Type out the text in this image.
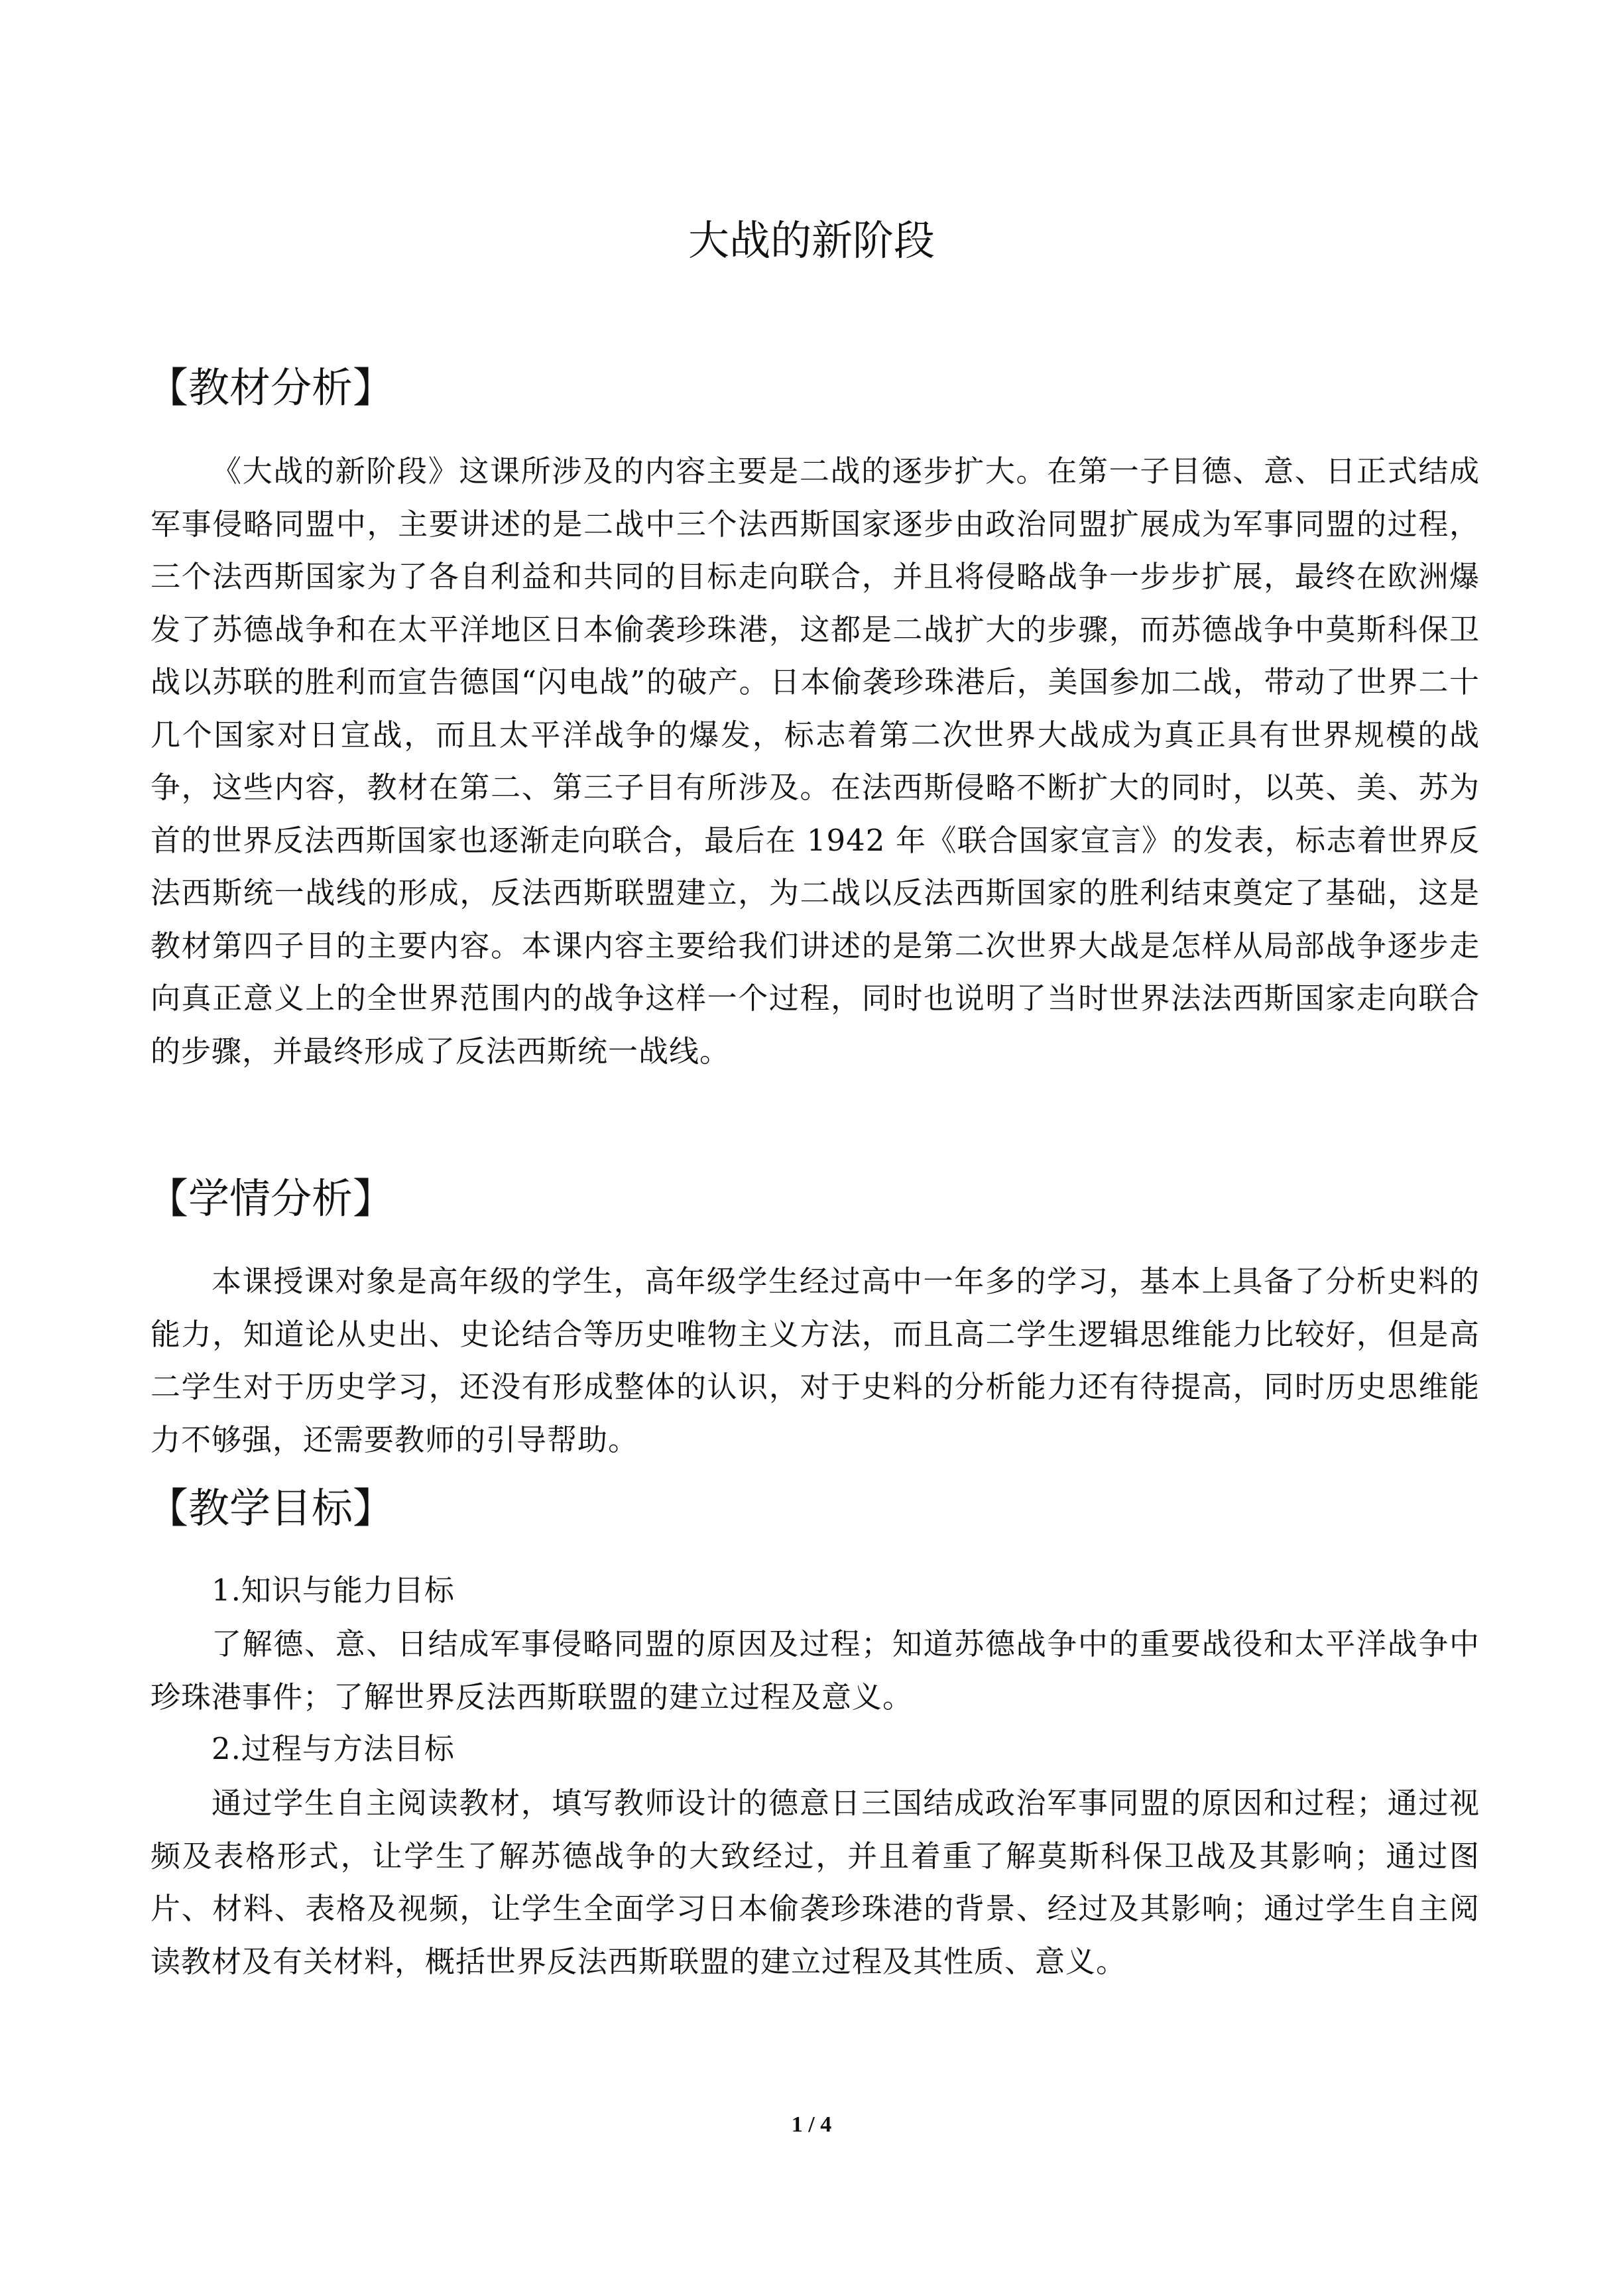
大战的新阶段
【教材分析】

《大战的新阶段》这课所涉及的内容主要是二战的逐步扩大。在第一子目德、意、日正式结成军事侵略同盟中，主要讲述的是二战中三个法西斯国家逐步由政治同盟扩展成为军事同盟的过程，三个法西斯国家为了各自利益和共同的目标走向联合，并且将侵略战争一步步扩展，最终在欧洲爆发了苏德战争和在太平洋地区日本偷袭珍珠港，这都是二战扩大的步骤，而苏德战争中莫斯科保卫战以苏联的胜利而宣告德国“闪电战”的破产。日本偷袭珍珠港后，美国参加二战，带动了世界二十几个国家对日宣战，而且太平洋战争的爆发，标志着第二次世界大战成为真正具有世界规模的战争，这些内容，教材在第二、第三子目有所涉及。在法西斯侵略不断扩大的同时，以英、美、苏为首的世界反法西斯国家也逐渐走向联合，最后在 1942 年《联合国家宣言》的发表，标志着世界反法西斯统一战线的形成，反法西斯联盟建立，为二战以反法西斯国家的胜利结束奠定了基础，这是教材第四子目的主要内容。本课内容主要给我们讲述的是第二次世界大战是怎样从局部战争逐步走向真正意义上的全世界范围内的战争这样一个过程，同时也说明了当时世界法法西斯国家走向联合的步骤，并最终形成了反法西斯统一战线。

【学情分析】

本课授课对象是高年级的学生，高年级学生经过高中一年多的学习，基本上具备了分析史料的能力，知道论从史出、史论结合等历史唯物主义方法，而且高二学生逻辑思维能力比较好，但是高二学生对于历史学习，还没有形成整体的认识，对于史料的分析能力还有待提高，同时历史思维能力不够强，还需要教师的引导帮助。

【教学目标】

1.知识与能力目标

了解德、意、日结成军事侵略同盟的原因及过程；知道苏德战争中的重要战役和太平洋战争中珍珠港事件；了解世界反法西斯联盟的建立过程及意义。

2.过程与方法目标

通过学生自主阅读教材，填写教师设计的德意日三国结成政治军事同盟的原因和过程；通过视频及表格形式，让学生了解苏德战争的大致经过，并且着重了解莫斯科保卫战及其影响；通过图片、材料、表格及视频，让学生全面学习日本偷袭珍珠港的背景、经过及其影响；通过学生自主阅读教材及有关材料，概括世界反法西斯联盟的建立过程及其性质、意义。

1 / 4
